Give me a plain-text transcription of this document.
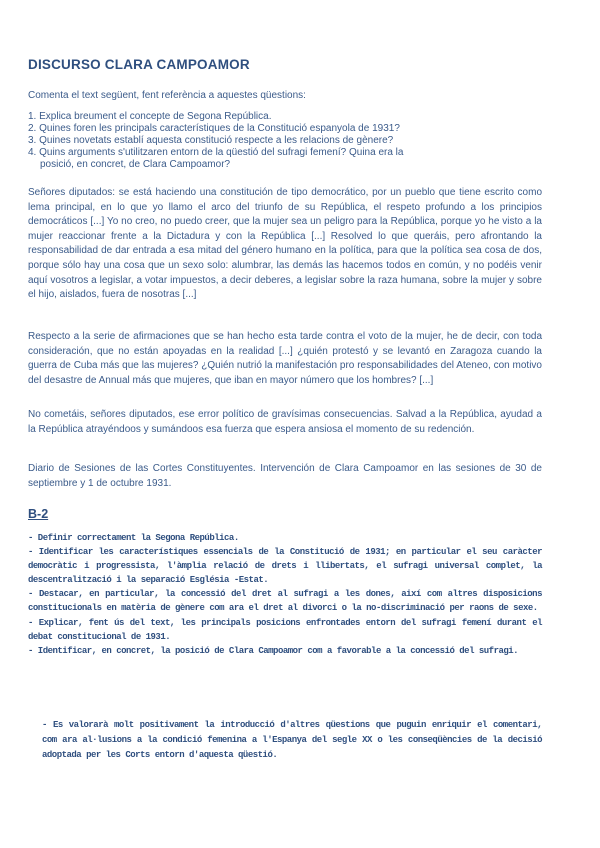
DISCURSO CLARA CAMPOAMOR
Comenta el text següent, fent referència a aquestes qüestions:
1. Explica breument el concepte de Segona República.
2. Quines foren les principals característiques de la Constitució espanyola de 1931?
3. Quines novetats establí aquesta constitució respecte a les relacions de gènere?
4. Quins arguments s'utilitzaren entorn de la qüestió del sufragi femení? Quina era la
posició, en concret, de Clara Campoamor?

Señores diputados: se está haciendo una constitución de tipo democrático, por un pueblo que tiene escrito como lema principal, en lo que yo llamo el arco del triunfo de su República, el respeto profundo a los principios democráticos [...] Yo no creo, no puedo creer, que la mujer sea un peligro para la República, porque yo he visto a la mujer reaccionar frente a la Dictadura y con la República [...] Resolved lo que queráis, pero afrontando la responsabilidad de dar entrada a esa mitad del género humano en la política, para que la política sea cosa de dos, porque sólo hay una cosa que un sexo solo: alumbrar, las demás las hacemos todos en común, y no podéis venir aquí vosotros a legislar, a votar impuestos, a decir deberes, a legislar sobre la raza humana, sobre la mujer y sobre el hijo, aislados, fuera de nosotras [...]

Respecto a la serie de afirmaciones que se han hecho esta tarde contra el voto de la mujer, he de decir, con toda consideración, que no están apoyadas en la realidad [...] ¿quién protestó y se levantó en Zaragoza cuando la guerra de Cuba más que las mujeres? ¿Quién nutrió la manifestación pro responsabilidades del Ateneo, con motivo del desastre de Annual más que mujeres, que iban en mayor número que los hombres? [...]

No cometáis, señores diputados, ese error político de gravísimas consecuencias. Salvad a la República, ayudad a la República atrayéndoos y sumándoos esa fuerza que espera ansiosa el momento de su redención.

Diario de Sesiones de las Cortes Constituyentes. Intervención de Clara Campoamor en las sesiones de 30 de septiembre y 1 de octubre 1931.

B-2
- Definir correctament la Segona República.
- Identificar les característiques essencials de la Constitució de 1931; en particular el seu caràcter democràtic i progressista, l'àmplia relació de drets i llibertats, el sufragi universal complet, la descentralització i la separació Església -Estat.
- Destacar, en particular, la concessió del dret al sufragi a les dones, així com altres disposicions constitucionals en matèria de gènere com ara el dret al divorci o la no-discriminació per raons de sexe.
- Explicar, fent ús del text, les principals posicions enfrontades entorn del sufragi femení durant el debat constitucional de 1931.
- Identificar, en concret, la posició de Clara Campoamor com a favorable a la concessió del sufragi.

- Es valorarà molt positivament la introducció d'altres qüestions que puguin enriquir el comentari, com ara al·lusions a la condició femenina a l'Espanya del segle XX o les conseqüències de la decisió adoptada per les Corts entorn d'aquesta qüestió.
